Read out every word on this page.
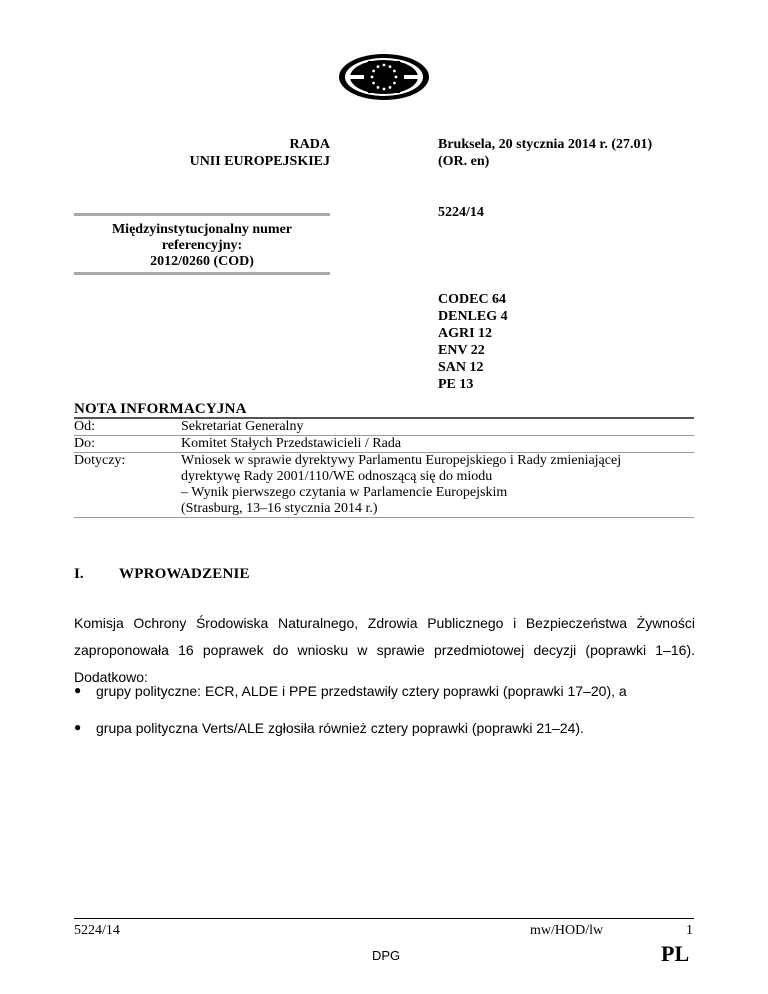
RADA
UNII EUROPEJSKIEJ
Bruksela, 20 stycznia 2014 r. (27.01)
(OR. en)
5224/14
Międzyinstytucjonalny numer
referencyjny:
2012/0260 (COD)
CODEC 64
DENLEG 4
AGRI 12
ENV 22
SAN 12
PE 13
NOTA INFORMACYJNA
Od:	Sekretariat Generalny
Do:	Komitet Stałych Przedstawicieli / Rada
Dotyczy:	Wniosek w sprawie dyrektywy Parlamentu Europejskiego i Rady zmieniającej
dyrektywę Rady 2001/110/WE odnoszącą się do miodu
– Wynik pierwszego czytania w Parlamencie Europejskim
(Strasburg, 13–16 stycznia 2014 r.)
I. WPROWADZENIE
Komisja Ochrony Środowiska Naturalnego, Zdrowia Publicznego i Bezpieczeństwa Żywności
zaproponowała 16 poprawek do wniosku w sprawie przedmiotowej decyzji (poprawki 1–16).
Dodatkowo:
●	grupy polityczne: ECR, ALDE i PPE przedstawiły cztery poprawki (poprawki 17–20), a
●	grupa polityczna Verts/ALE zgłosiła również cztery poprawki (poprawki 21–24).
5224/14	mw/HOD/lw	1
DPG	PL
